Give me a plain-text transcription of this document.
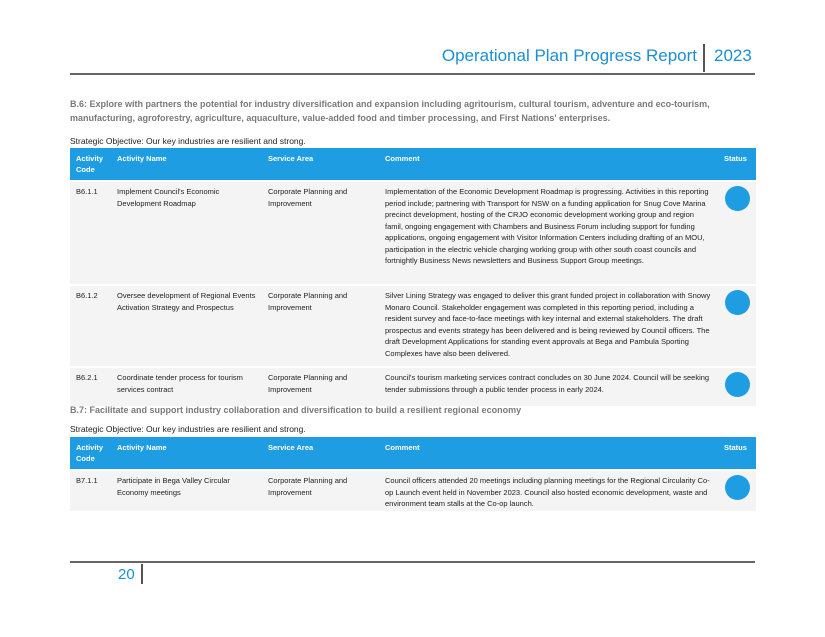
Operational Plan Progress Report 2023
B.6: Explore with partners the potential for industry diversification and expansion including agritourism, cultural tourism, adventure and eco-tourism, manufacturing, agroforestry, agriculture, aquaculture, value-added food and timber processing, and First Nations' enterprises.
Strategic Objective: Our key industries are resilient and strong.
Activity Code	Activity Name	Service Area	Comment	Status
B6.1.1	Implement Council's Economic Development Roadmap	Corporate Planning and Improvement	Implementation of the Economic Development Roadmap is progressing. Activities in this reporting period include; partnering with Transport for NSW on a funding application for Snug Cove Marina precinct development, hosting of the CRJO economic development working group and region famil, ongoing engagement with Chambers and Business Forum including support for funding applications, ongoing engagement with Visitor Information Centers including drafting of an MOU, participation in the electric vehicle charging working group with other south coast councils and fortnightly Business News newsletters and Business Support Group meetings.	

B6.1.2	Oversee development of Regional Events Activation Strategy and Prospectus	Corporate Planning and Improvement	Silver Lining Strategy was engaged to deliver this grant funded project in collaboration with Snowy Monaro Council. Stakeholder engagement was completed in this reporting period, including a resident survey and face-to-face meetings with key internal and external stakeholders. The draft prospectus and events strategy has been delivered and is being reviewed by Council officers. The draft Development Applications for standing event approvals at Bega and Pambula Sporting Complexes have also been delivered.	

B6.2.1	Coordinate tender process for tourism services contract	Corporate Planning and Improvement	Council's tourism marketing services contract concludes on 30 June 2024. Council will be seeking tender submissions through a public tender process in early 2024.	
B.7: Facilitate and support industry collaboration and diversification to build a resilient regional economy
Strategic Objective: Our key industries are resilient and strong.
Activity Code	Activity Name	Service Area	Comment	Status
B7.1.1	Participate in Bega Valley Circular Economy meetings	Corporate Planning and Improvement	Council officers attended 20 meetings including planning meetings for the Regional Circularity Co-op Launch event held in November 2023. Council also hosted economic development, waste and environment team stalls at the Co-op launch.	
20
